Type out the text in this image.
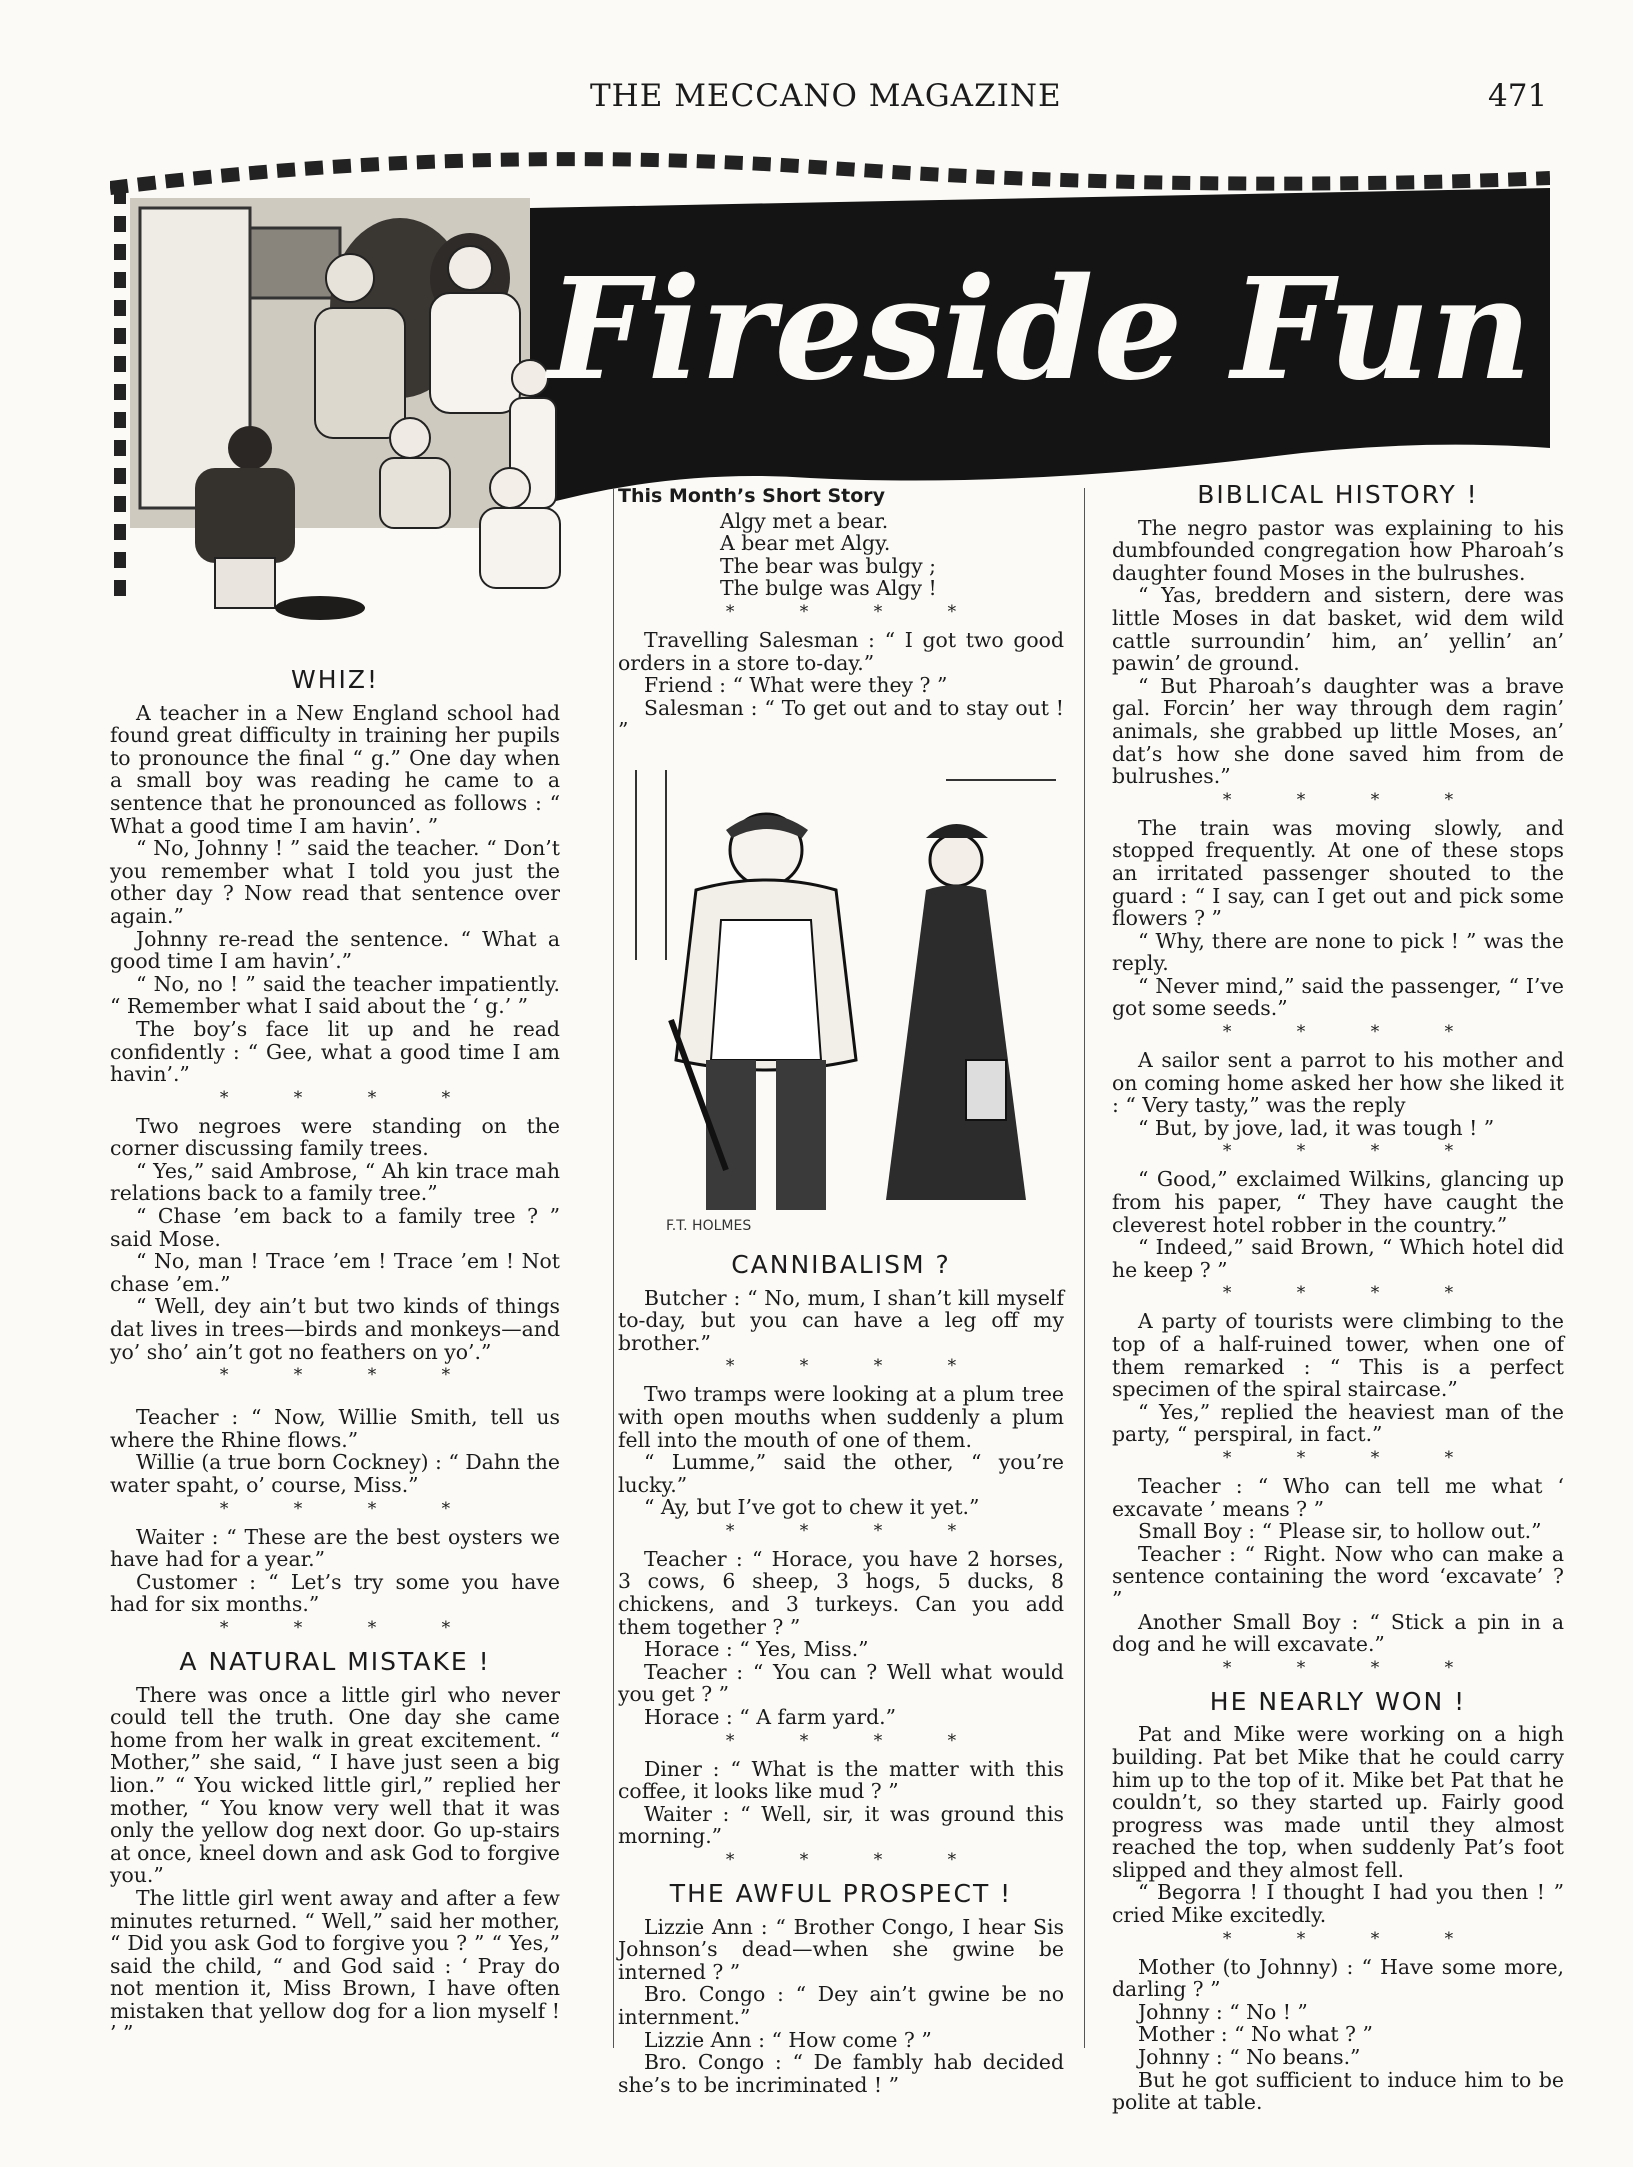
THE MECCANO MAGAZINE	471
Fireside Fun
WHIZ!

A teacher in a New England school had found great difficulty in training her pupils to pronounce the final “ g.” One day when a small boy was reading he came to a sentence that he pronounced as follows : “ What a good time I am havin’. ”

“ No, Johnny ! ” said the teacher. “ Don’t you remember what I told you just the other day ? Now read that sentence over again.”

Johnny re-read the sentence. “ What a good time I am havin’.”

“ No, no ! ” said the teacher impatiently. “ Remember what I said about the ‘ g.’ ”

The boy’s face lit up and he read confidently : “ Gee, what a good time I am havin’.”

* * * *

Two negroes were standing on the corner discussing family trees.

“ Yes,” said Ambrose, “ Ah kin trace mah relations back to a family tree.”

“ Chase ’em back to a family tree ? ” said Mose.

“ No, man ! Trace ’em ! Trace ’em ! Not chase ’em.”

“ Well, dey ain’t but two kinds of things dat lives in trees—birds and monkeys—and yo’ sho’ ain’t got no feathers on yo’.”

* * * *

Teacher : “ Now, Willie Smith, tell us where the Rhine flows.”

Willie (a true born Cockney) : “ Dahn the water spaht, o’ course, Miss.”

* * * *

Waiter : “ These are the best oysters we have had for a year.”

Customer : “ Let’s try some you have had for six months.”

* * * *
A NATURAL MISTAKE !

There was once a little girl who never could tell the truth. One day she came home from her walk in great excitement. “ Mother,” she said, “ I have just seen a big lion.” “ You wicked little girl,” replied her mother, “ You know very well that it was only the yellow dog next door. Go up-stairs at once, kneel down and ask God to forgive you.”

The little girl went away and after a few minutes returned. “ Well,” said her mother, “ Did you ask God to forgive you ? ” “ Yes,” said the child, “ and God said : ‘ Pray do not mention it, Miss Brown, I have often mistaken that yellow dog for a lion myself ! ’ ”

This Month’s Short Story
Algy met a bear.
A bear met Algy.
The bear was bulgy ;
The bulge was Algy !
* * * *

Travelling Salesman : “ I got two good orders in a store to-day.”

Friend : “ What were they ? ”

Salesman : “ To get out and to stay out ! ”

F.T. HOLMES
CANNIBALISM ?

Butcher : “ No, mum, I shan’t kill myself to-day, but you can have a leg off my brother.”

* * * *

Two tramps were looking at a plum tree with open mouths when suddenly a plum fell into the mouth of one of them.

“ Lumme,” said the other, “ you’re lucky.”

“ Ay, but I’ve got to chew it yet.”

* * * *

Teacher : “ Horace, you have 2 horses, 3 cows, 6 sheep, 3 hogs, 5 ducks, 8 chickens, and 3 turkeys. Can you add them together ? ”

Horace : “ Yes, Miss.”

Teacher : “ You can ? Well what would you get ? ”

Horace : “ A farm yard.”

* * * *

Diner : “ What is the matter with this coffee, it looks like mud ? ”

Waiter : “ Well, sir, it was ground this morning.”

* * * *
THE AWFUL PROSPECT !

Lizzie Ann : “ Brother Congo, I hear Sis Johnson’s dead—when she gwine be interned ? ”

Bro. Congo : “ Dey ain’t gwine be no internment.”

Lizzie Ann : “ How come ? ”

Bro. Congo : “ De fambly hab decided she’s to be incriminated ! ”

BIBLICAL HISTORY !

The negro pastor was explaining to his dumbfounded congregation how Pharoah’s daughter found Moses in the bulrushes.

“ Yas, breddern and sistern, dere was little Moses in dat basket, wid dem wild cattle surroundin’ him, an’ yellin’ an’ pawin’ de ground.

“ But Pharoah’s daughter was a brave gal. Forcin’ her way through dem ragin’ animals, she grabbed up little Moses, an’ dat’s how she done saved him from de bulrushes.”

* * * *

The train was moving slowly, and stopped frequently. At one of these stops an irritated passenger shouted to the guard : “ I say, can I get out and pick some flowers ? ”

“ Why, there are none to pick ! ” was the reply.

“ Never mind,” said the passenger, “ I’ve got some seeds.”

* * * *

A sailor sent a parrot to his mother and on coming home asked her how she liked it : “ Very tasty,” was the reply

“ But, by jove, lad, it was tough ! ”

* * * *

“ Good,” exclaimed Wilkins, glancing up from his paper, “ They have caught the cleverest hotel robber in the country.”

“ Indeed,” said Brown, “ Which hotel did he keep ? ”

* * * *

A party of tourists were climbing to the top of a half-ruined tower, when one of them remarked : “ This is a perfect specimen of the spiral staircase.”

“ Yes,” replied the heaviest man of the party, “ perspiral, in fact.”

* * * *

Teacher : “ Who can tell me what ‘ excavate ’ means ? ”

Small Boy : “ Please sir, to hollow out.”

Teacher : “ Right. Now who can make a sentence containing the word ‘excavate’ ? ”

Another Small Boy : “ Stick a pin in a dog and he will excavate.”

* * * *
HE NEARLY WON !

Pat and Mike were working on a high building. Pat bet Mike that he could carry him up to the top of it. Mike bet Pat that he couldn’t, so they started up. Fairly good progress was made until they almost reached the top, when suddenly Pat’s foot slipped and they almost fell.

“ Begorra ! I thought I had you then ! ” cried Mike excitedly.

* * * *

Mother (to Johnny) : “ Have some more, darling ? ”

Johnny : “ No ! ”

Mother : “ No what ? ”

Johnny : “ No beans.”

But he got sufficient to induce him to be polite at table.
